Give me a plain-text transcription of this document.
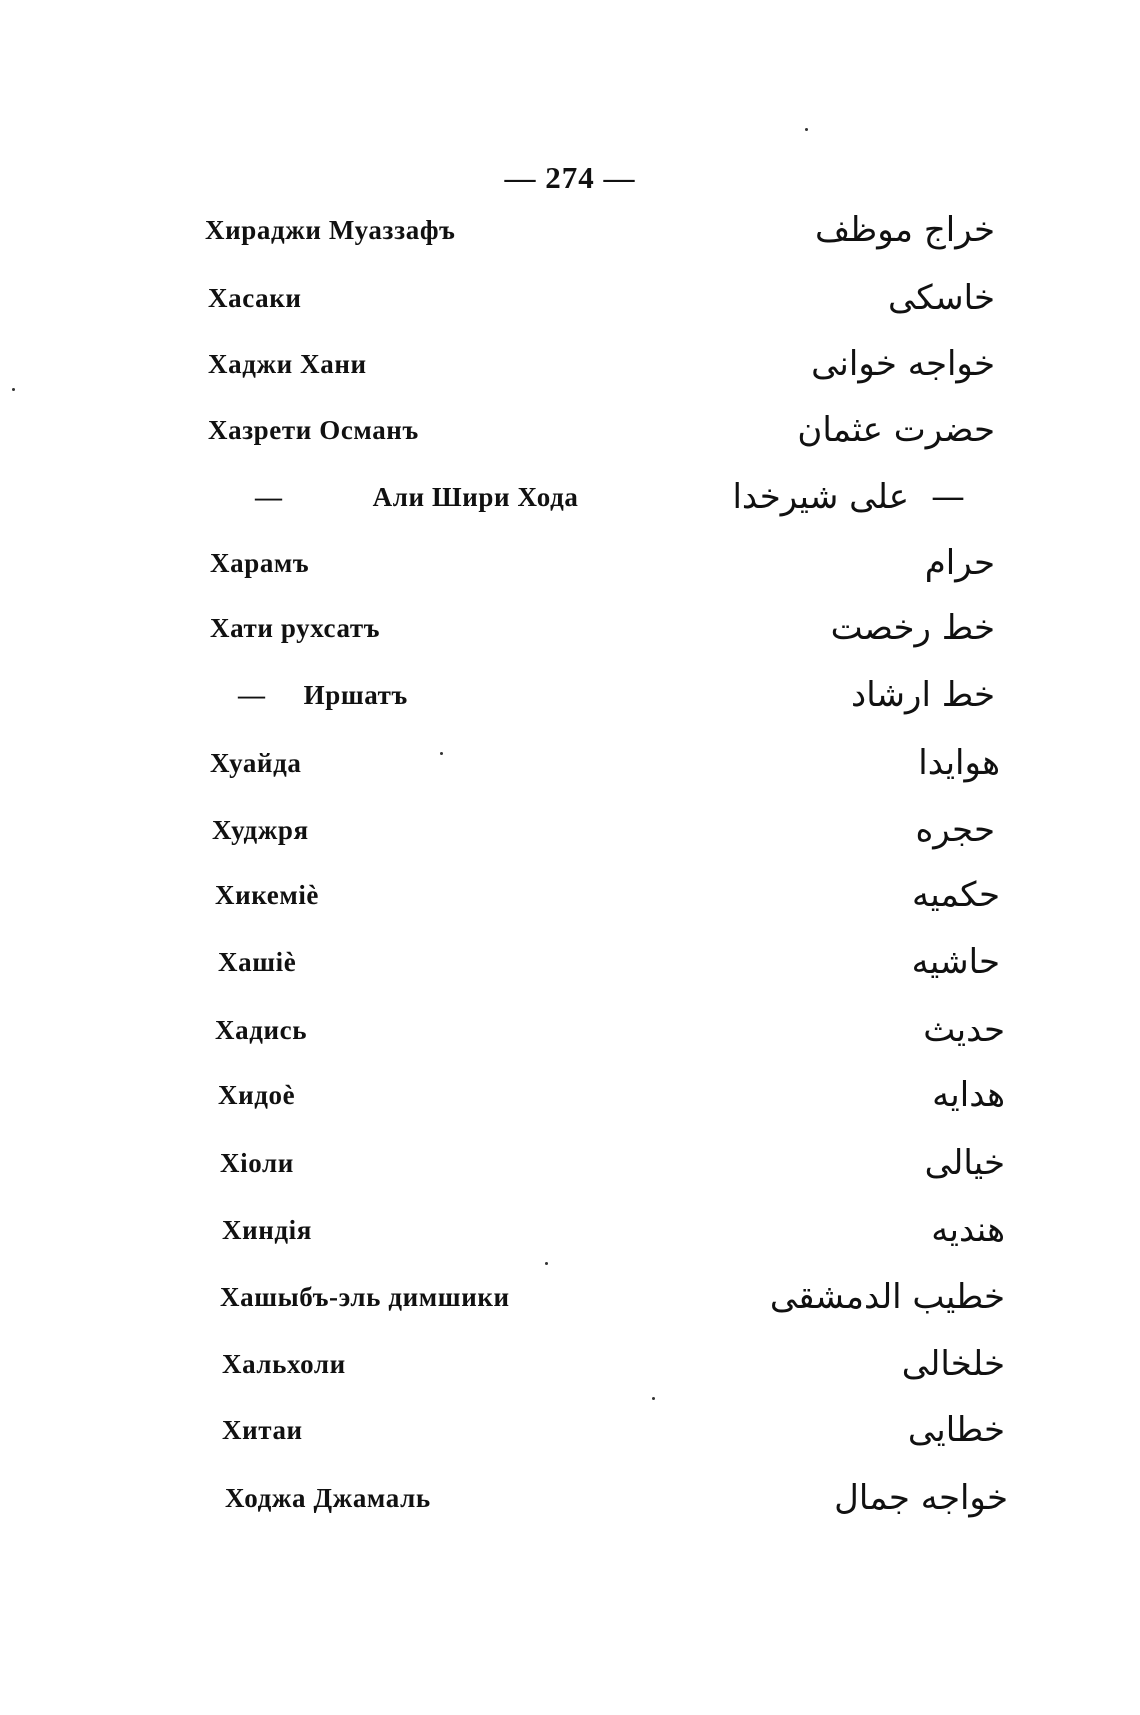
— 274 —
Хираджи Муаззафъ	خراج موظف
Хасаки	خاسكى
Хаджи Хани	خواجه خوانى
Хазрети Османъ	حضرت عثمان
—	Али Шири Хода	—على شيرخدا
Харамъ	حرام
Хати рухсатъ	خط رخصت
— Иршатъ	خط ارشاد
Хуайда	هوايدا
Худжря	حجره
Хикеміѐ	حكميه
Хашіѐ	حاشيه
Хадись	حديث
Хидоѐ	هدايه
Хіоли	خيالى
Хиндія	هنديه
Хашыбъ-эль димшики	خطيب الدمشقى
Хальхоли	خلخالى
Хитаи	خطايى
Ходжа Джамаль	خواجه جمال
